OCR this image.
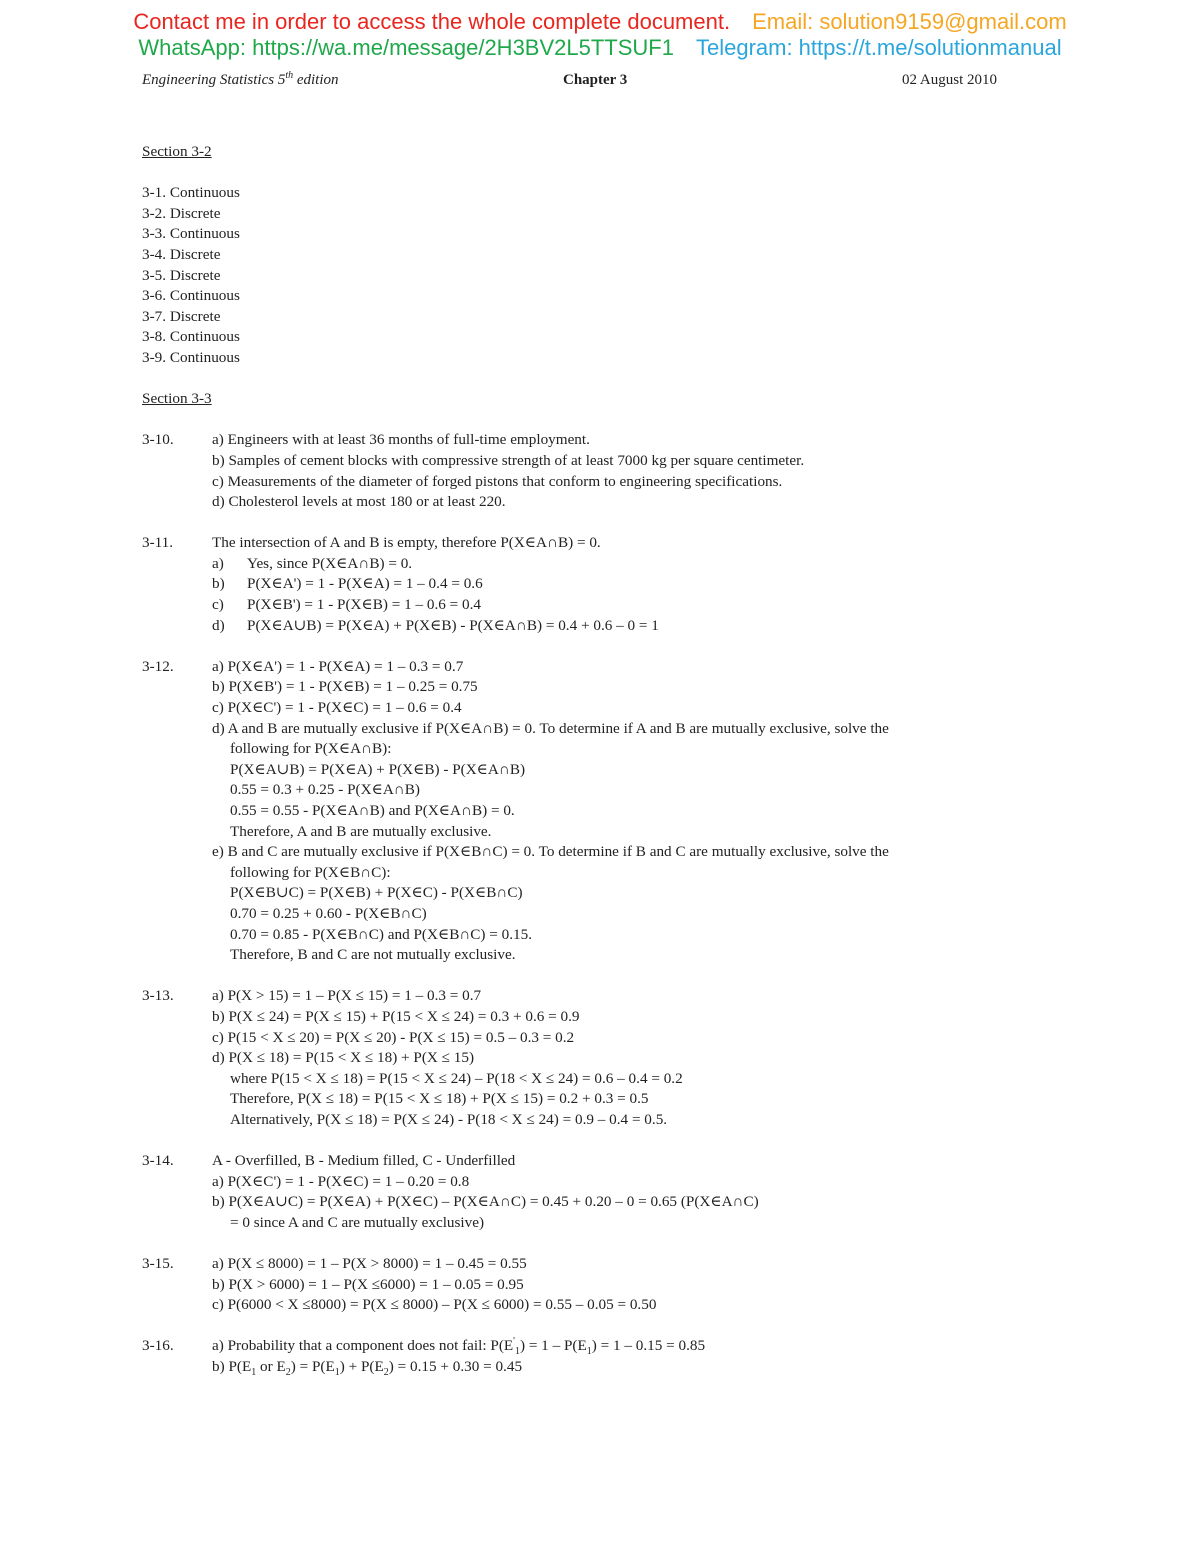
Contact me in order to access the whole complete document. Email: solution9159@gmail.com
WhatsApp: https://wa.me/message/2H3BV2L5TTSUF1 Telegram: https://t.me/solutionmanual
Engineering Statistics 5th edition	Chapter 3	02 August 2010
Section 3-2
3-1. Continuous
3-2. Discrete
3-3. Continuous
3-4. Discrete
3-5. Discrete
3-6. Continuous
3-7. Discrete
3-8. Continuous
3-9. Continuous
Section 3-3
3-10.	a) Engineers with at least 36 months of full-time employment.
b) Samples of cement blocks with compressive strength of at least 7000 kg per square centimeter.
c) Measurements of the diameter of forged pistons that conform to engineering specifications.
d) Cholesterol levels at most 180 or at least 220.
3-11.	The intersection of A and B is empty, therefore P(X∈A∩B) = 0.
a)	Yes, since P(X∈A∩B) = 0.
b)	P(X∈A') = 1 - P(X∈A) = 1 – 0.4 = 0.6
c)	P(X∈B') = 1 - P(X∈B) = 1 – 0.6 = 0.4
d)	P(X∈A∪B) = P(X∈A) + P(X∈B) - P(X∈A∩B) = 0.4 + 0.6 – 0 = 1
3-12.	a) P(X∈A') = 1 - P(X∈A) = 1 – 0.3 = 0.7
b) P(X∈B') = 1 - P(X∈B) = 1 – 0.25 = 0.75
c) P(X∈C') = 1 - P(X∈C) = 1 – 0.6 = 0.4
d) A and B are mutually exclusive if P(X∈A∩B) = 0. To determine if A and B are mutually exclusive, solve the
following for P(X∈A∩B):
P(X∈A∪B) = P(X∈A) + P(X∈B) - P(X∈A∩B)
0.55 = 0.3 + 0.25 - P(X∈A∩B)
0.55 = 0.55 - P(X∈A∩B) and P(X∈A∩B) = 0.
Therefore, A and B are mutually exclusive.
e) B and C are mutually exclusive if P(X∈B∩C) = 0. To determine if B and C are mutually exclusive, solve the
following for P(X∈B∩C):
P(X∈B∪C) = P(X∈B) + P(X∈C) - P(X∈B∩C)
0.70 = 0.25 + 0.60 - P(X∈B∩C)
0.70 = 0.85 - P(X∈B∩C) and P(X∈B∩C) = 0.15.
Therefore, B and C are not mutually exclusive.
3-13.	a) P(X > 15) = 1 – P(X ≤ 15) = 1 – 0.3 = 0.7
b) P(X ≤ 24) = P(X ≤ 15) + P(15 < X ≤ 24) = 0.3 + 0.6 = 0.9
c) P(15 < X ≤ 20) = P(X ≤ 20) - P(X ≤ 15) = 0.5 – 0.3 = 0.2
d) P(X ≤ 18) = P(15 < X ≤ 18) + P(X ≤ 15)
where P(15 < X ≤ 18) = P(15 < X ≤ 24) – P(18 < X ≤ 24) = 0.6 – 0.4 = 0.2
Therefore, P(X ≤ 18) = P(15 < X ≤ 18) + P(X ≤ 15) = 0.2 + 0.3 = 0.5
Alternatively, P(X ≤ 18) = P(X ≤ 24) - P(18 < X ≤ 24) = 0.9 – 0.4 = 0.5.
3-14.	A - Overfilled, B - Medium filled, C - Underfilled
a) P(X∈C') = 1 - P(X∈C) = 1 – 0.20 = 0.8
b) P(X∈A∪C) = P(X∈A) + P(X∈C) – P(X∈A∩C) = 0.45 + 0.20 – 0 = 0.65 (P(X∈A∩C)
= 0 since A and C are mutually exclusive)
3-15.	a) P(X ≤ 8000) = 1 – P(X > 8000) = 1 – 0.45 = 0.55
b) P(X > 6000) = 1 – P(X ≤6000) = 1 – 0.05 = 0.95
c) P(6000 < X ≤8000) = P(X ≤ 8000) – P(X ≤ 6000) = 0.55 – 0.05 = 0.50
3-16.	a) Probability that a component does not fail: $P(E'_1) = 1 - P(E_1) = 1 - 0.15 = 0.85$
b) $P(E_1$ or $E_2) = P(E_1) + P(E_2) = 0.15 + 0.30 = 0.45$
